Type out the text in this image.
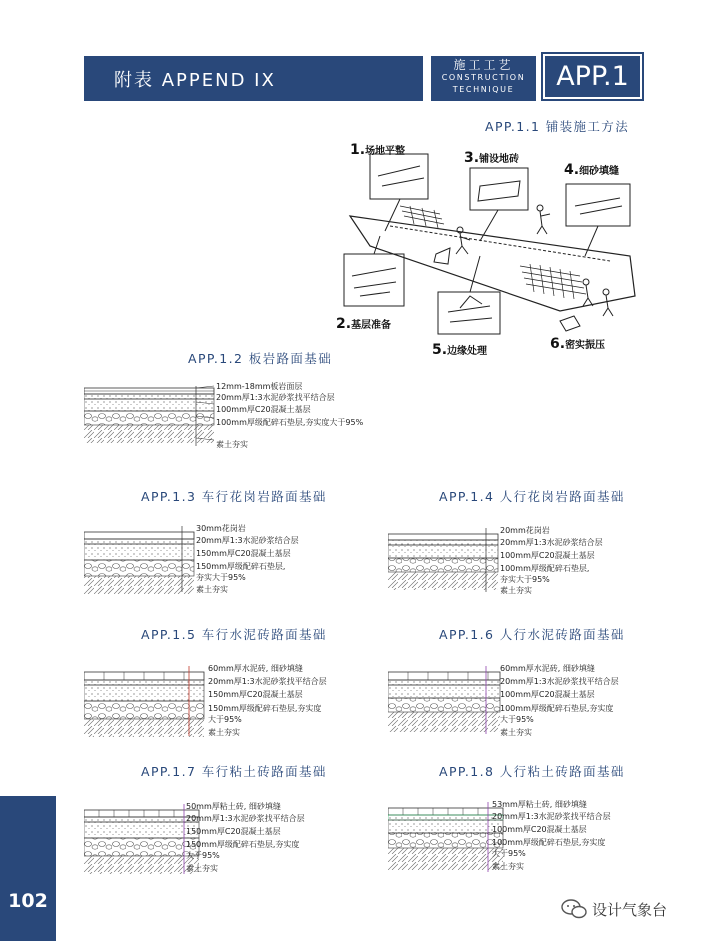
附表 APPEND IX
施工工艺
CONSTRUCTION
TECHNIQUE	APP.1
APP.1.1 铺装施工方法
1.场地平整
2.基层准备
3.铺设地砖
4.细砂填缝
5.边缘处理	6.密实振压
APP.1.2 板岩路面基础
12mm-18mm板岩面层
20mm厚1:3水泥砂浆找平结合层
100mm厚C20混凝土基层
100mm厚级配碎石垫层,夯实度大于95%
素土夯实
APP.1.3 车行花岗岩路面基础	APP.1.4 人行花岗岩路面基础
30mm花岗岩
20mm厚1:3水泥砂浆结合层
150mm厚C20混凝土基层
150mm厚级配碎石垫层,
夯实大于95%
素土夯实
20mm花岗岩
20mm厚1:3水泥砂浆结合层
100mm厚C20混凝土基层
100mm厚级配碎石垫层,
夯实大于95%
素土夯实
APP.1.5 车行水泥砖路面基础	APP.1.6 人行水泥砖路面基础
60mm厚水泥砖, 细砂填缝
20mm厚1:3水泥砂浆找平结合层
150mm厚C20混凝土基层
150mm厚级配碎石垫层,夯实度
大于95%
素土夯实
60mm厚水泥砖, 细砂填缝
20mm厚1:3水泥砂浆找平结合层
100mm厚C20混凝土基层
100mm厚级配碎石垫层,夯实度
大于95%
素土夯实
APP.1.7 车行粘土砖路面基础	APP.1.8 人行粘土砖路面基础
50mm厚粘土砖, 细砂填缝
20mm厚1:3水泥砂浆找平结合层
150mm厚C20混凝土基层
150mm厚级配碎石垫层,夯实度
大于95%
素土夯实
53mm厚粘土砖, 细砂填缝
20mm厚1:3水泥砂浆找平结合层
100mm厚C20混凝土基层
100mm厚级配碎石垫层,夯实度
大于95%
素土夯实
102	设计气象台
